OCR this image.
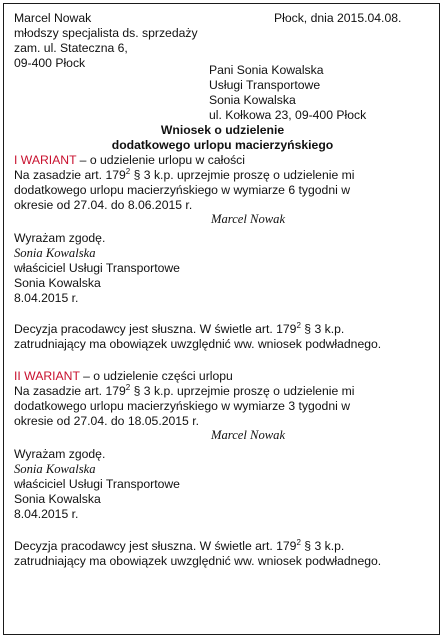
Marcel Nowak	Płock, dnia 2015.04.08.
młodszy specjalista ds. sprzedaży
zam. ul. Stateczna 6,
09-400 Płock	Pani Sonia Kowalska
Usługi Transportowe
Sonia Kowalska
ul. Kołkowa 23, 09-400 Płock
Wniosek o udzielenie
dodatkowego urlopu macierzyńskiego
I WARIANT – o udzielenie urlopu w całości
Na zasadzie art. $179^2$ § 3 k.p. uprzejmie proszę o udzielenie mi
dodatkowego urlopu macierzyńskiego w wymiarze 6 tygodni w
okresie od 27.04. do 8.06.2015 r.
Marcel Nowak
Wyrażam zgodę.
Sonia Kowalska
właściciel Usługi Transportowe
Sonia Kowalska
8.04.2015 r.
Decyzja pracodawcy jest słuszna. W świetle art. $179^2$ § 3 k.p.
zatrudniający ma obowiązek uwzględnić ww. wniosek podwładnego.
II WARIANT – o udzielenie części urlopu
Na zasadzie art. $179^2$ § 3 k.p. uprzejmie proszę o udzielenie mi
dodatkowego urlopu macierzyńskiego w wymiarze 3 tygodni w
okresie od 27.04. do 18.05.2015 r.
Marcel Nowak
Wyrażam zgodę.
Sonia Kowalska
właściciel Usługi Transportowe
Sonia Kowalska
8.04.2015 r.
Decyzja pracodawcy jest słuszna. W świetle art. $179^2$ § 3 k.p.
zatrudniający ma obowiązek uwzględnić ww. wniosek podwładnego.
